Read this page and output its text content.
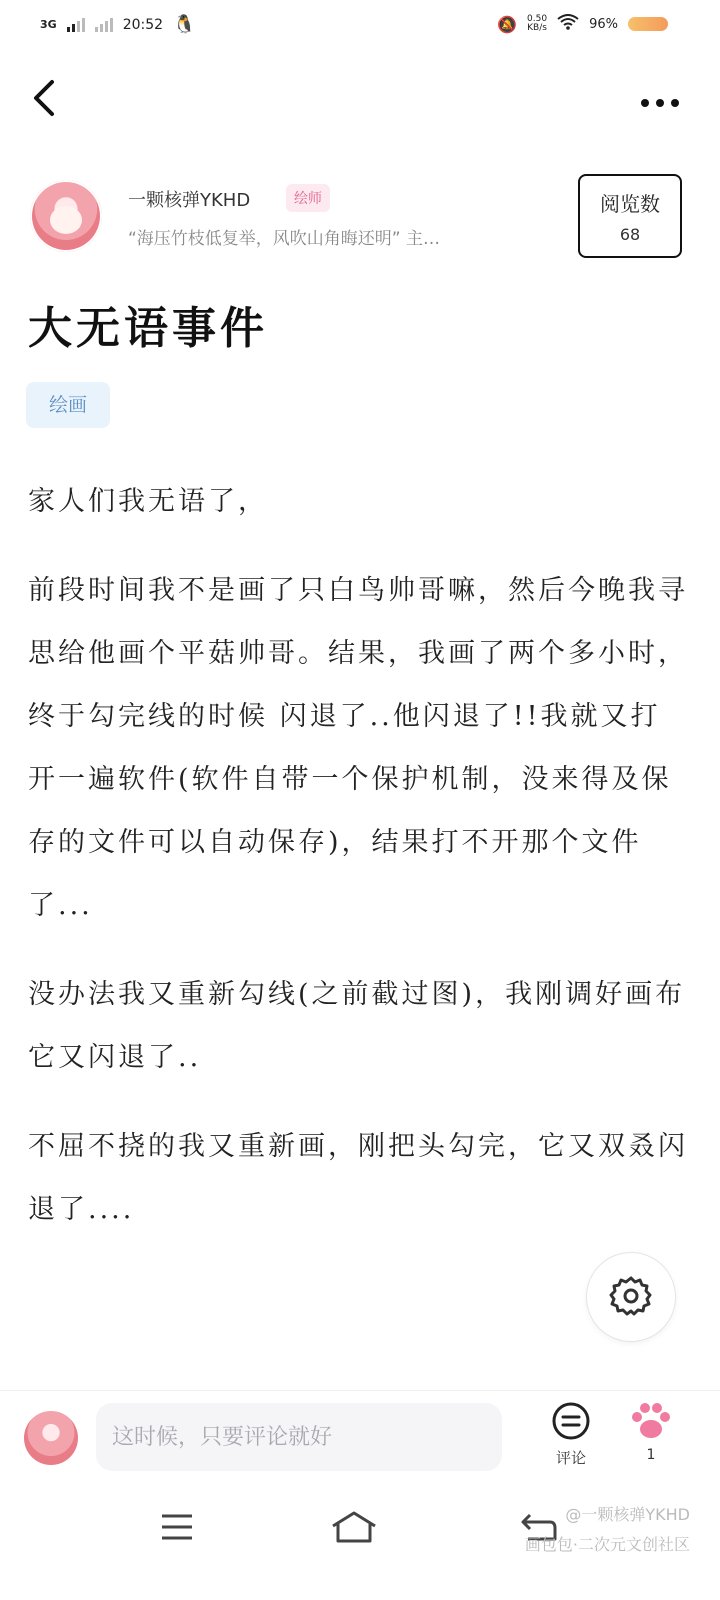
3G	20:52 🐧	🔕 0.50
KB/s	96%
一颗核弹YKHD	绘师
“海压竹枝低复举，风吹山角晦还明” 主…
阅览数
68
大无语事件
绘画

家人们我无语了，

前段时间我不是画了只白鸟帅哥嘛，然后今晚我寻思给他画个平菇帅哥。结果，我画了两个多小时，终于勾完线的时候 闪退了..他闪退了!!我就又打开一遍软件(软件自带一个保护机制，没来得及保存的文件可以自动保存)，结果打不开那个文件了...

没办法我又重新勾线(之前截过图)，我刚调好画布 它又闪退了..

不屈不挠的我又重新画，刚把头勾完，它又双叒闪退了....

这时候，只要评论就好
评论	1
@一颗核弹YKHD
画包包·二次元文创社区
